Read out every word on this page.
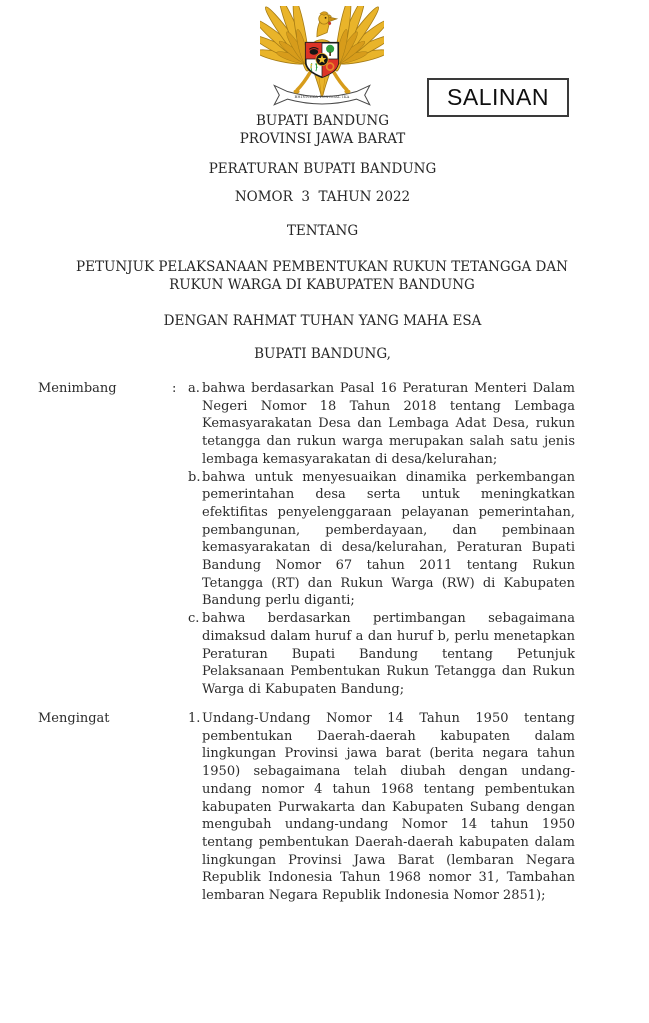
BHINNEKA TUNGGAL IKA	SALINAN
BUPATI BANDUNG
PROVINSI JAWA BARAT
PERATURAN BUPATI BANDUNG
NOMOR  3  TAHUN 2022
TENTANG
PETUNJUK PELAKSANAAN PEMBENTUKAN RUKUN TETANGGA DAN RUKUN WARGA DI KABUPATEN BANDUNG
DENGAN RAHMAT TUHAN YANG MAHA ESA
BUPATI BANDUNG,
Menimbang	: a. bahwa berdasarkan Pasal 16 Peraturan Menteri Dalam Negeri Nomor 18 Tahun 2018 tentang Lembaga Kemasyarakatan Desa dan Lembaga Adat Desa, rukun tetangga dan rukun warga merupakan salah satu jenis lembaga kemasyarakatan di desa/kelurahan;

b. bahwa untuk menyesuaikan dinamika perkembangan pemerintahan desa serta untuk meningkatkan efektifitas penyelenggaraan pelayanan pemerintahan, pembangunan, pemberdayaan, dan pembinaan kemasyarakatan di desa/kelurahan, Peraturan Bupati Bandung Nomor 67 tahun 2011 tentang Rukun Tetangga (RT) dan Rukun Warga (RW) di Kabupaten Bandung perlu diganti;

c. bahwa berdasarkan pertimbangan sebagaimana dimaksud dalam huruf a dan huruf b, perlu menetapkan Peraturan Bupati Bandung tentang Petunjuk Pelaksanaan Pembentukan Rukun Tetangga dan Rukun Warga di Kabupaten Bandung;

Mengingat	1. Undang-Undang Nomor 14 Tahun 1950 tentang pembentukan Daerah-daerah kabupaten dalam lingkungan Provinsi jawa barat (berita negara tahun 1950) sebagaimana telah diubah dengan undang-undang nomor 4 tahun 1968 tentang pembentukan kabupaten Purwakarta dan Kabupaten Subang dengan mengubah undang-undang Nomor 14 tahun 1950 tentang pembentukan Daerah-daerah kabupaten dalam lingkungan Provinsi Jawa Barat (lembaran Negara Republik Indonesia Tahun 1968 nomor 31, Tambahan lembaran Negara Republik Indonesia Nomor 2851);
